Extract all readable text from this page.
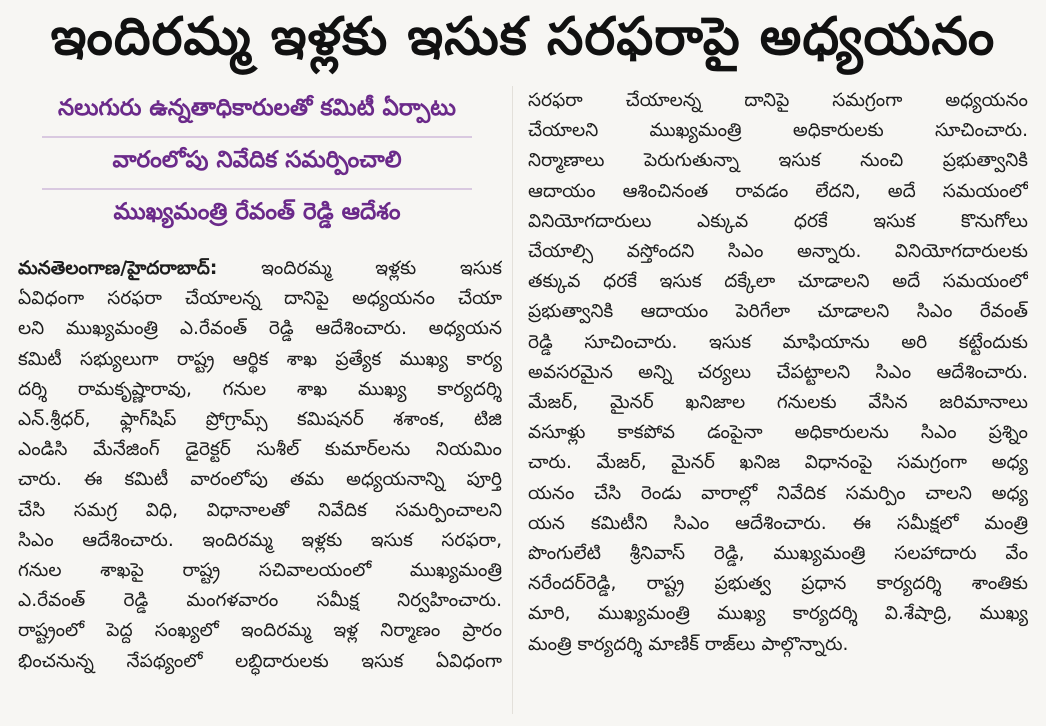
ఇందిరమ్మ ఇళ్లకు ఇసుక సరఫరాపై అధ్యయనం
నలుగురు ఉన్నతాధికారులతో కమిటీ ఏర్పాటు
వారంలోపు నివేదిక సమర్పించాలి
ముఖ్యమంత్రి రేవంత్ రెడ్డి ఆదేశం
మనతెలంగాణ/హైదరాబాద్: ఇందిరమ్మ ఇళ్లకు ఇసుక
ఏవిధంగా సరఫరా చేయాలన్న దానిపై అధ్యయనం చేయా
లని ముఖ్యమంత్రి ఎ.రేవంత్ రెడ్డి ఆదేశించారు. అధ్యయన
కమిటీ సభ్యులుగా రాష్ట్ర ఆర్థిక శాఖ ప్రత్యేక ముఖ్య కార్య
దర్శి రామకృష్ణారావు, గనుల శాఖ ముఖ్య కార్యదర్శి
ఎన్.శ్రీధర్, ఫ్లాగ్‌షిప్ ప్రోగ్రామ్స్ కమిషనర్ శశాంక, టిజి
ఎండిసి మేనేజింగ్ డైరెక్టర్ సుశీల్ కుమార్‌లను నియమిం
చారు. ఈ కమిటీ వారంలోపు తమ అధ్యయనాన్ని పూర్తి
చేసి సమగ్ర విధి, విధానాలతో నివేదిక సమర్పించాలని
సిఎం ఆదేశించారు. ఇందిరమ్మ ఇళ్లకు ఇసుక సరఫరా,
గనుల శాఖపై రాష్ట్ర సచివాలయంలో ముఖ్యమంత్రి
ఎ.రేవంత్ రెడ్డి మంగళవారం సమీక్ష నిర్వహించారు.
రాష్ట్రంలో పెద్ద సంఖ్యలో ఇందిరమ్మ ఇళ్ల నిర్మాణం ప్రారం
భించనున్న నేపథ్యంలో లబ్ధిదారులకు ఇసుక ఏవిధంగా
సరఫరా చేయాలన్న దానిపై సమగ్రంగా అధ్యయనం
చేయాలని ముఖ్యమంత్రి అధికారులకు సూచించారు.
నిర్మాణాలు పెరుగుతున్నా ఇసుక నుంచి ప్రభుత్వానికి
ఆదాయం ఆశించినంత రావడం లేదని, అదే సమయంలో
వినియోగదారులు ఎక్కువ ధరకే ఇసుక కొనుగోలు
చేయాల్సి వస్తోందని సిఎం అన్నారు. వినియోగదారులకు
తక్కువ ధరకే ఇసుక దక్కేలా చూడాలని అదే సమయంలో
ప్రభుత్వానికి ఆదాయం పెరిగేలా చూడాలని సిఎం రేవంత్
రెడ్డి సూచించారు. ఇసుక మాఫియాను అరి కట్టేందుకు
అవసరమైన అన్ని చర్యలు చేపట్టాలని సిఎం ఆదేశించారు.
మేజర్, మైనర్ ఖనిజాల గనులకు వేసిన జరిమానాలు
వసూళ్లు కాకపోవ డంపైనా అధికారులను సిఎం ప్రశ్నిం
చారు. మేజర్, మైనర్ ఖనిజ విధానంపై సమగ్రంగా అధ్య
యనం చేసి రెండు వారాల్లో నివేదిక సమర్పిం చాలని అధ్య
యన కమిటీని సిఎం ఆదేశించారు. ఈ సమీక్షలో మంత్రి
పొంగులేటి శ్రీనివాస్ రెడ్డి, ముఖ్యమంత్రి సలహాదారు వేం
నరేందర్‌రెడ్డి, రాష్ట్ర ప్రభుత్వ ప్రధాన కార్యదర్శి శాంతికు
మారి, ముఖ్యమంత్రి ముఖ్య కార్యదర్శి వి.శేషాద్రి, ముఖ్య
మంత్రి కార్యదర్శి మాణిక్ రాజ్‌లు పాల్గొన్నారు.
